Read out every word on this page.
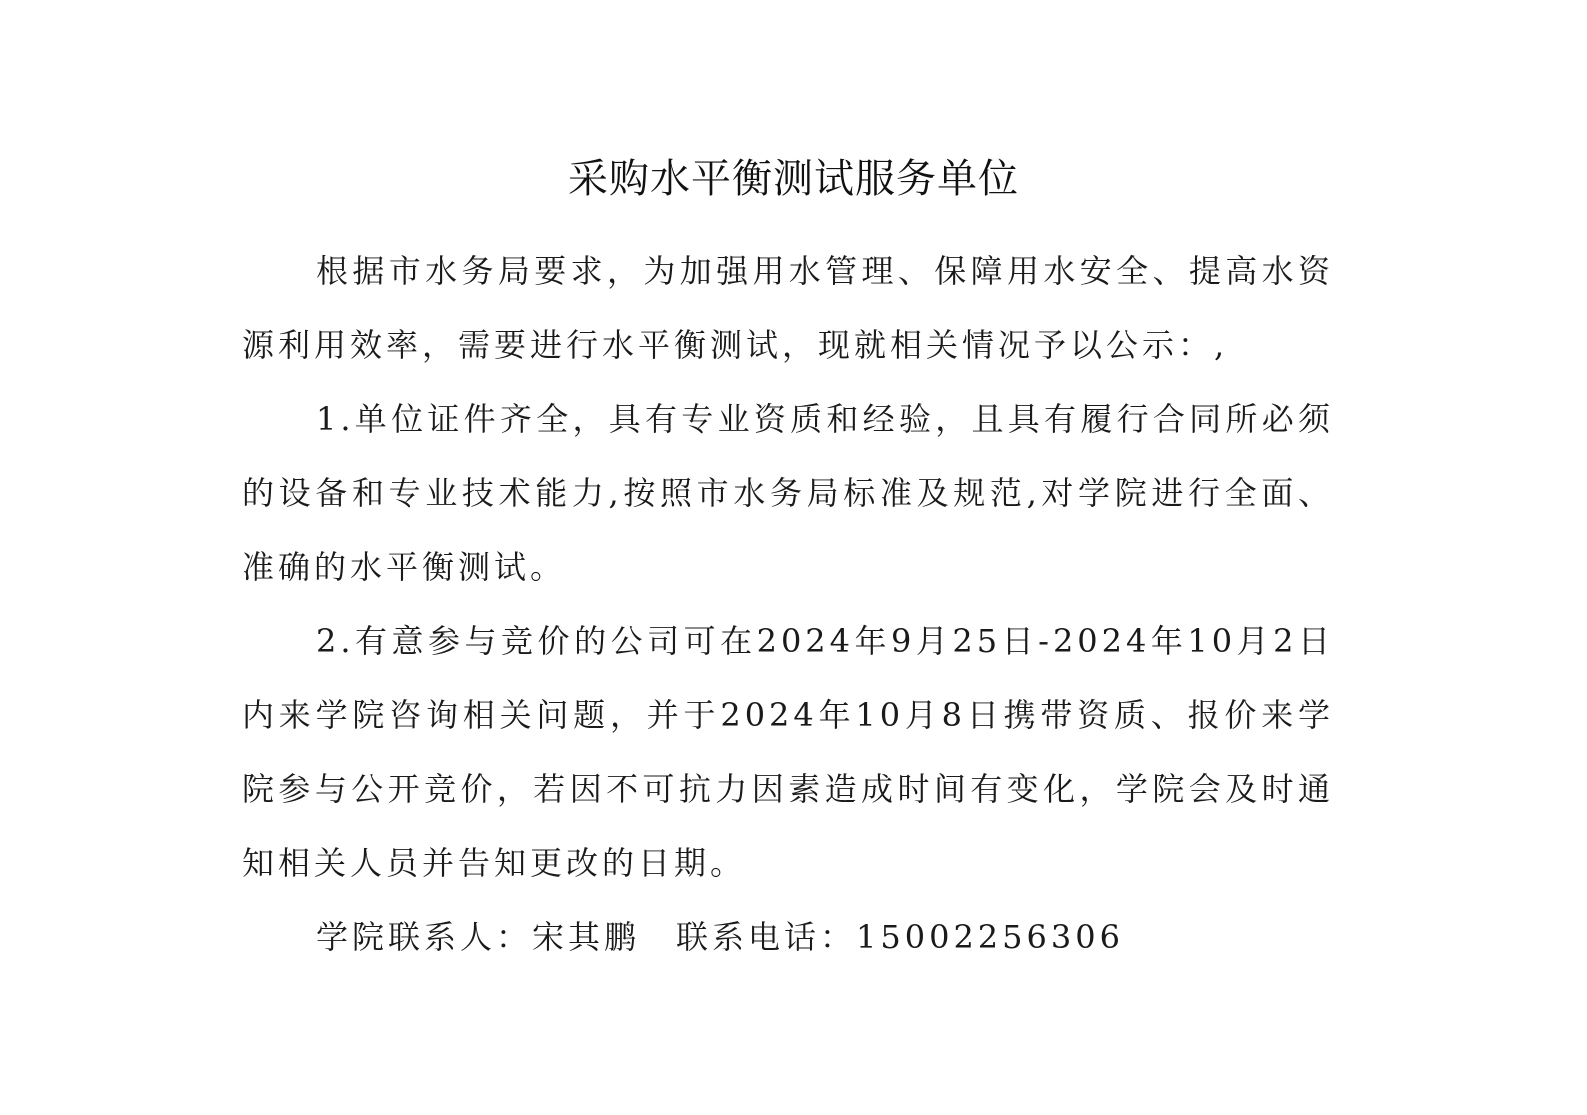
采购水平衡测试服务单位

根据市水务局要求，为加强用水管理、保障用水安全、提高水资源利用效率，需要进行水平衡测试，现就相关情况予以公示：,

1.单位证件齐全，具有专业资质和经验，且具有履行合同所必须的设备和专业技术能力,按照市水务局标准及规范,对学院进行全面、准确的水平衡测试。

2.有意参与竞价的公司可在2024年9月25日-2024年10月2日内来学院咨询相关问题，并于2024年10月8日携带资质、报价来学院参与公开竞价，若因不可抗力因素造成时间有变化，学院会及时通知相关人员并告知更改的日期。

学院联系人：宋其鹏　联系电话：15002256306
